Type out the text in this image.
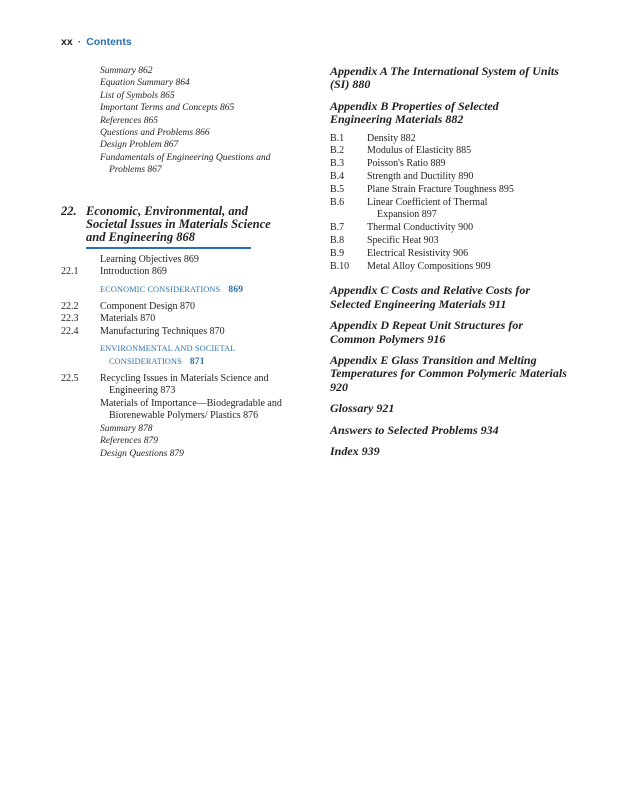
xx · Contents
Summary 862
Equation Summary 864
List of Symbols 865
Important Terms and Concepts 865
References 865
Questions and Problems 866
Design Problem 867
Fundamentals of Engineering Questions and Problems 867
22. Economic, Environmental, and Societal Issues in Materials Science and Engineering 868
Learning Objectives 869
22.1	Introduction 869
ECONOMIC CONSIDERATIONS 869
22.2	Component Design 870
22.3	Materials 870
22.4	Manufacturing Techniques 870
ENVIRONMENTAL AND SOCIETAL CONSIDERATIONS 871
22.5	Recycling Issues in Materials Science and Engineering 873
Materials of Importance—Biodegradable and Biorenewable Polymers/ Plastics 876
Summary 878
References 879
Design Questions 879
Appendix A The International System of Units (SI) 880
Appendix B Properties of Selected Engineering Materials 882
B.1	Density 882
B.2	Modulus of Elasticity 885
B.3	Poisson's Ratio 889
B.4	Strength and Ductility 890
B.5	Plane Strain Fracture Toughness 895
B.6	Linear Coefficient of Thermal Expansion 897
B.7	Thermal Conductivity 900
B.8	Specific Heat 903
B.9	Electrical Resistivity 906
B.10	Metal Alloy Compositions 909
Appendix C Costs and Relative Costs for Selected Engineering Materials 911
Appendix D Repeat Unit Structures for Common Polymers 916
Appendix E Glass Transition and Melting Temperatures for Common Polymeric Materials 920
Glossary 921
Answers to Selected Problems 934
Index 939
